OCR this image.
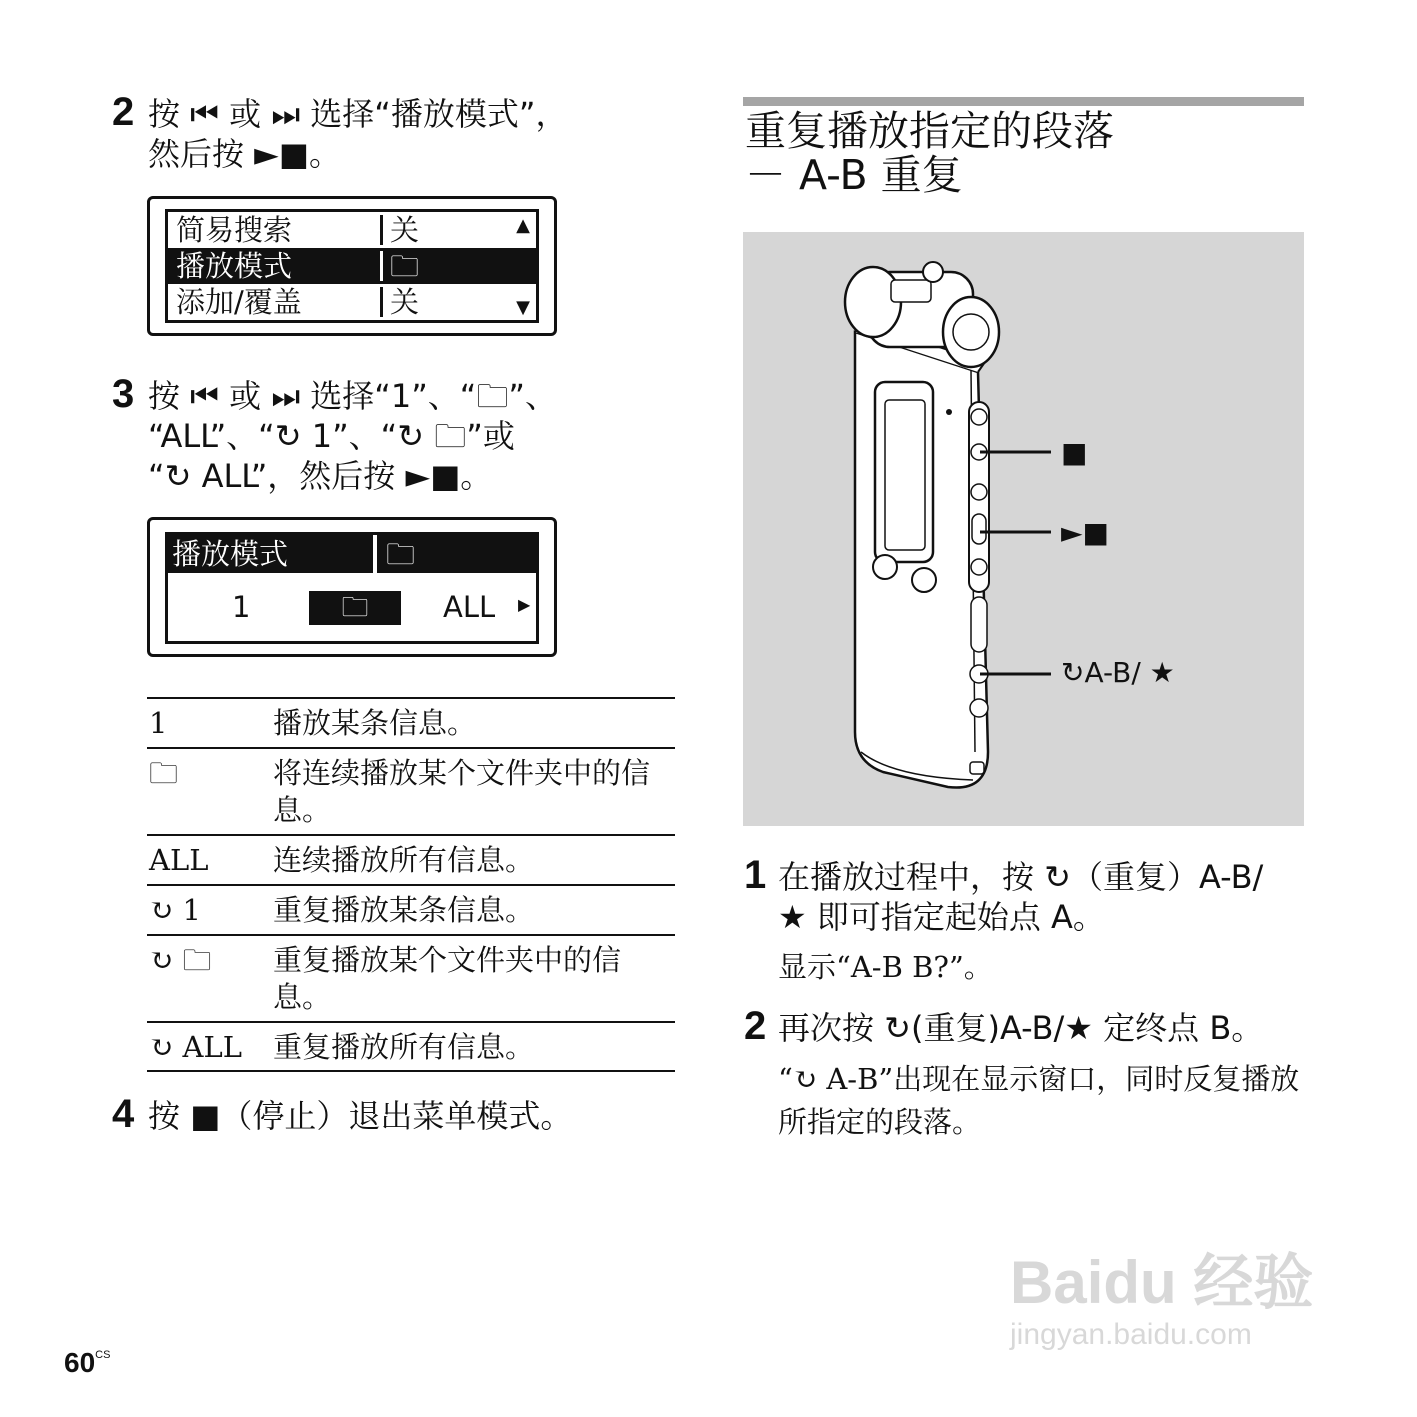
2 按 ⏮ 或 ⏭ 选择“播放模式”，
然后按 ►■。
简易搜索	关	▲
播放模式	🗀
添加/覆盖	关	▼
3 按 ⏮ 或 ⏭ 选择“1”、“🗀”、
“ALL”、“↻ 1”、“↻ 🗀”或
“↻ ALL”，然后按 ►■。
播放模式	🗀
1	🗀	ALL ▶
1	播放某条信息。
🗀	将连续播放某个文件夹中的信息。
ALL 连续播放所有信息。
↻ 1 重复播放某条信息。
↻ 🗀 重复播放某个文件夹中的信息。
↻ ALL 重复播放所有信息。
4 按 ■（停止）退出菜单模式。
重复播放指定的段落
－ A-B 重复
■
►■
↻A-B/ ★
1 在播放过程中，按 ↻（重复）A-B/
★ 即可指定起始点 A。
显示“A-B B?”。
2 再次按 ↻(重复)A-B/★ 定终点 B。
“↻ A-B”出现在显示窗口，同时反复播放所指定的段落。
$60^{CS}$
Baidu 经验
jingyan.baidu.com
